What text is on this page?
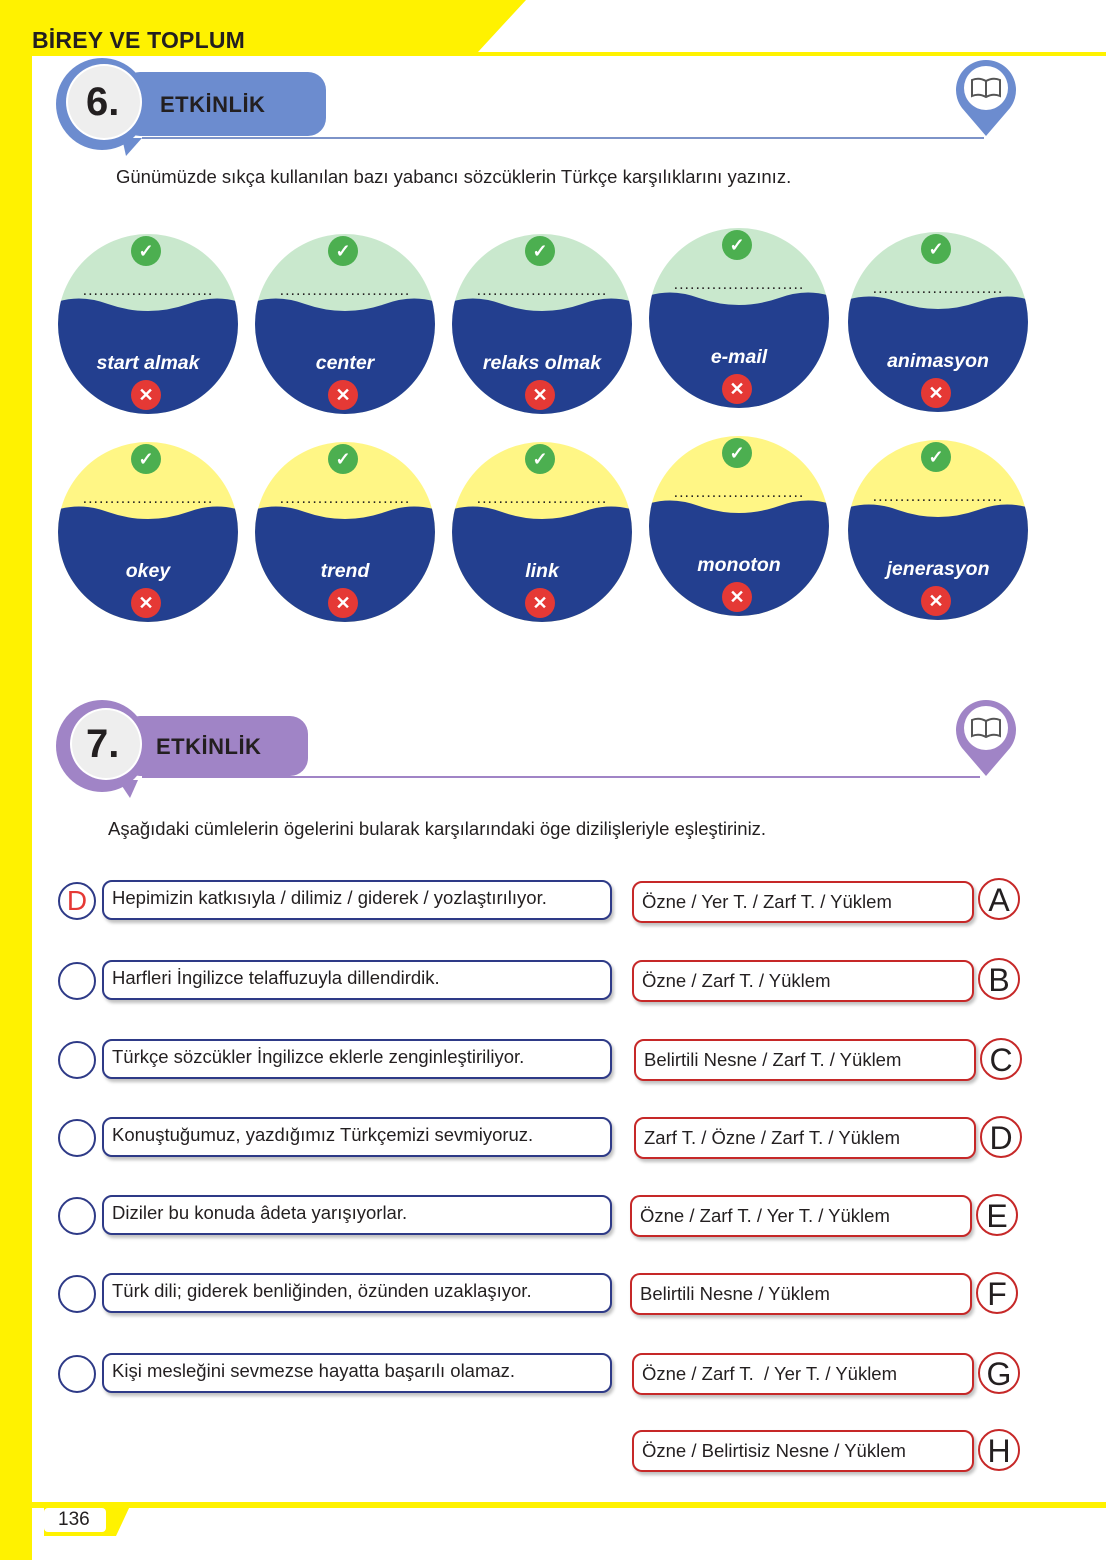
BİREY VE TOPLUM
136
6. ETKİNLİK
Günümüzde sıkça kullanılan bazı yabancı sözcüklerin Türkçe karşılıklarını yazınız.
........................
start almak
✓
✕
........................
center
✓
✕
........................
relaks olmak
✓
✕
........................
e-mail
✓
✕
........................
animasyon
✓
✕
........................
okey
✓
✕
........................
trend
✓
✕
........................
link
✓
✕
........................
monoton
✓
✕
........................
jenerasyon
✓
✕
7. ETKİNLİK
Aşağıdaki cümlelerin ögelerini bularak karşılarındaki öge dizilişleriyle eşleştiriniz.
D	Hepimizin katkısıyla / dilimiz / giderek / yozlaştırılıyor.
Harfleri İngilizce telaffuzuyla dillendirdik.
Türkçe sözcükler İngilizce eklerle zenginleştiriliyor.
Konuştuğumuz, yazdığımız Türkçemizi sevmiyoruz.
Diziler bu konuda âdeta yarışıyorlar.
Türk dili; giderek benliğinden, özünden uzaklaşıyor.
Kişi mesleğini sevmezse hayatta başarılı olamaz.
Özne / Yer T. / Zarf T. / Yüklem	A
Özne / Zarf T. / Yüklem	B
Belirtili Nesne / Zarf T. / Yüklem	C
Zarf T. / Özne / Zarf T. / Yüklem	D
Özne / Zarf T. / Yer T. / Yüklem	E
Belirtili Nesne / Yüklem	F
Özne / Zarf T.  / Yer T. / Yüklem	G
Özne / Belirtisiz Nesne / Yüklem	H
